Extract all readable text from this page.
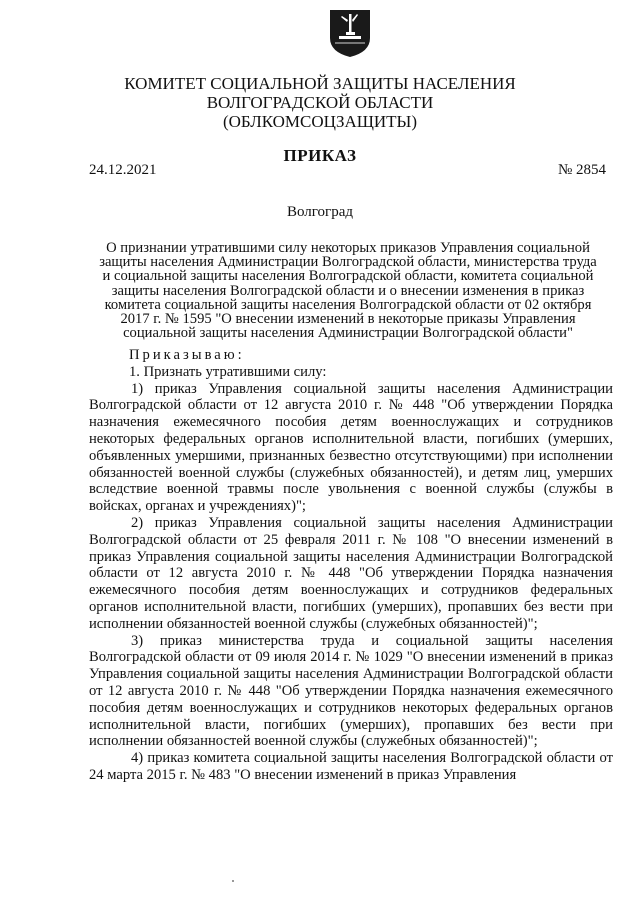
КОМИТЕТ СОЦИАЛЬНОЙ ЗАЩИТЫ НАСЕЛЕНИЯ
ВОЛГОГРАДСКОЙ ОБЛАСТИ
(ОБЛКОМСОЦЗАЩИТЫ)
ПРИКАЗ
24.12.2021	№ 2854
Волгоград
О признании утратившими силу некоторых приказов Управления социальной
защиты населения Администрации Волгоградской области, министерства труда
и социальной защиты населения Волгоградской области, комитета социальной
защиты населения Волгоградской области и о внесении изменения в приказ
комитета социальной защиты населения Волгоградской области от 02 октября
2017 г. № 1595 "О внесении изменений в некоторые приказы Управления
социальной защиты населения Администрации Волгоградской области"

Приказываю:

1. Признать утратившими силу:

1) приказ Управления социальной защиты населения Администрации Волгоградской области от 12 августа 2010 г. № 448 "Об утверждении Порядка назначения ежемесячного пособия детям военнослужащих и сотрудников некоторых федеральных органов исполнительной власти, погибших (умерших, объявленных умершими, признанных безвестно отсутствующими) при исполнении обязанностей военной службы (служебных обязанностей), и детям лиц, умерших вследствие военной травмы после увольнения с военной службы (службы в войсках, органах и учреждениях)";

2) приказ Управления социальной защиты населения Администрации Волгоградской области от 25 февраля 2011 г. № 108 "О внесении изменений в приказ Управления социальной защиты населения Администрации Волгоградской области от 12 августа 2010 г. № 448 "Об утверждении Порядка назначения ежемесячного пособия детям военнослужащих и сотрудников федеральных органов исполнительной власти, погибших (умерших), пропавших без вести при исполнении обязанностей военной службы (служебных обязанностей)";

3) приказ министерства труда и социальной защиты населения Волгоградской области от 09 июля 2014 г. № 1029 "О внесении изменений в приказ Управления социальной защиты населения Администрации Волгоградской области от 12 августа 2010 г. № 448 "Об утверждении Порядка назначения ежемесячного пособия детям военнослужащих и сотрудников некоторых федеральных органов исполнительной власти, погибших (умерших), пропавших без вести при исполнении обязанностей военной службы (служебных обязанностей)";

4) приказ комитета социальной защиты населения Волгоградской области от 24 марта 2015 г. № 483 "О внесении изменений в приказ Управления
